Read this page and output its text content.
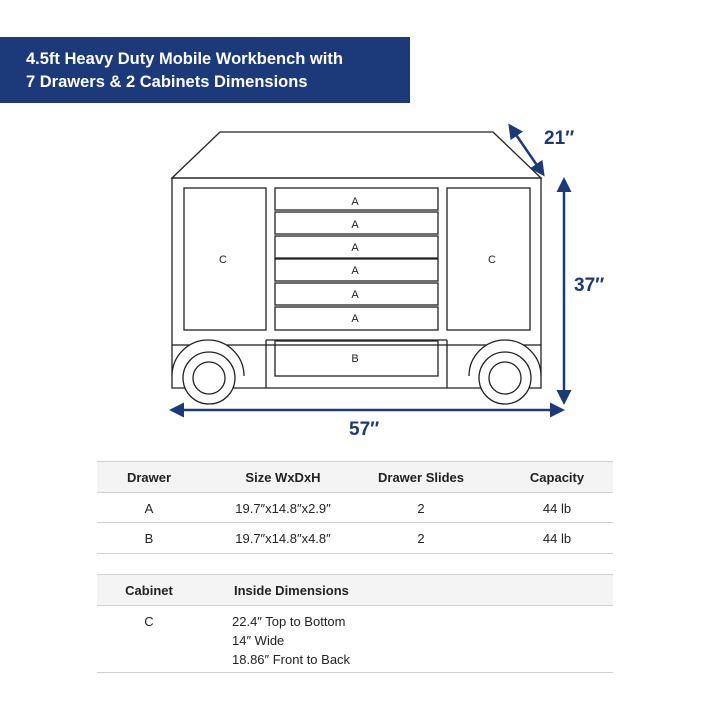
4.5ft Heavy Duty Mobile Workbench with
7 Drawers & 2 Cabinets Dimensions
C	C
A
A
A
A
A
A
B
21″
37″
57″
Drawer	Size WxDxH	Drawer Slides	Capacity
A	19.7″x14.8″x2.9″	2	44 lb
B	19.7″x14.8″x4.8″	2	44 lb
Cabinet	Inside Dimensions
C	22.4″ Top to Bottom
14″ Wide
18.86″ Front to Back
